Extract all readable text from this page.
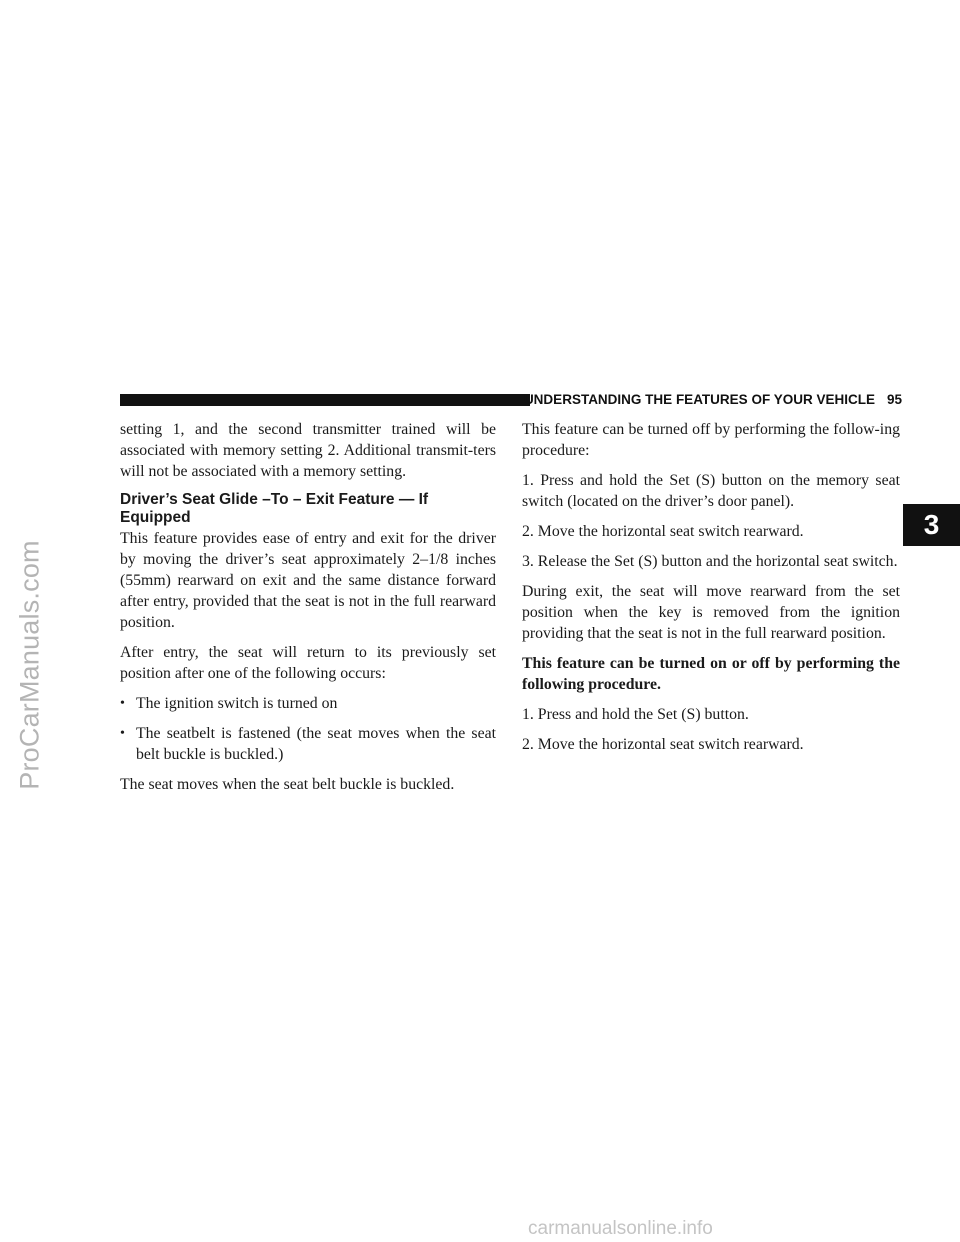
ProCarManuals.com
UNDERSTANDING THE FEATURES OF YOUR VEHICLE 95
3

setting 1, and the second transmitter trained will be associated with memory setting 2. Additional transmit-ters will not be associated with a memory setting.

Driver’s Seat Glide –To – Exit Feature — If Equipped

This feature provides ease of entry and exit for the driver by moving the driver’s seat approximately 2–1/8 inches (55mm) rearward on exit and the same distance forward after entry, provided that the seat is not in the full rearward position.

After entry, the seat will return to its previously set position after one of the following occurs:

• The ignition switch is turned on
• The seatbelt is fastened (the seat moves when the seat belt buckle is buckled.)

The seat moves when the seat belt buckle is buckled.

This feature can be turned off by performing the follow-ing procedure:

1. Press and hold the Set (S) button on the memory seat switch (located on the driver’s door panel).

2. Move the horizontal seat switch rearward.

3. Release the Set (S) button and the horizontal seat switch.

During exit, the seat will move rearward from the set position when the key is removed from the ignition providing that the seat is not in the full rearward position.

This feature can be turned on or off by performing the following procedure.

1. Press and hold the Set (S) button.

2. Move the horizontal seat switch rearward.

carmanualsonline.info
